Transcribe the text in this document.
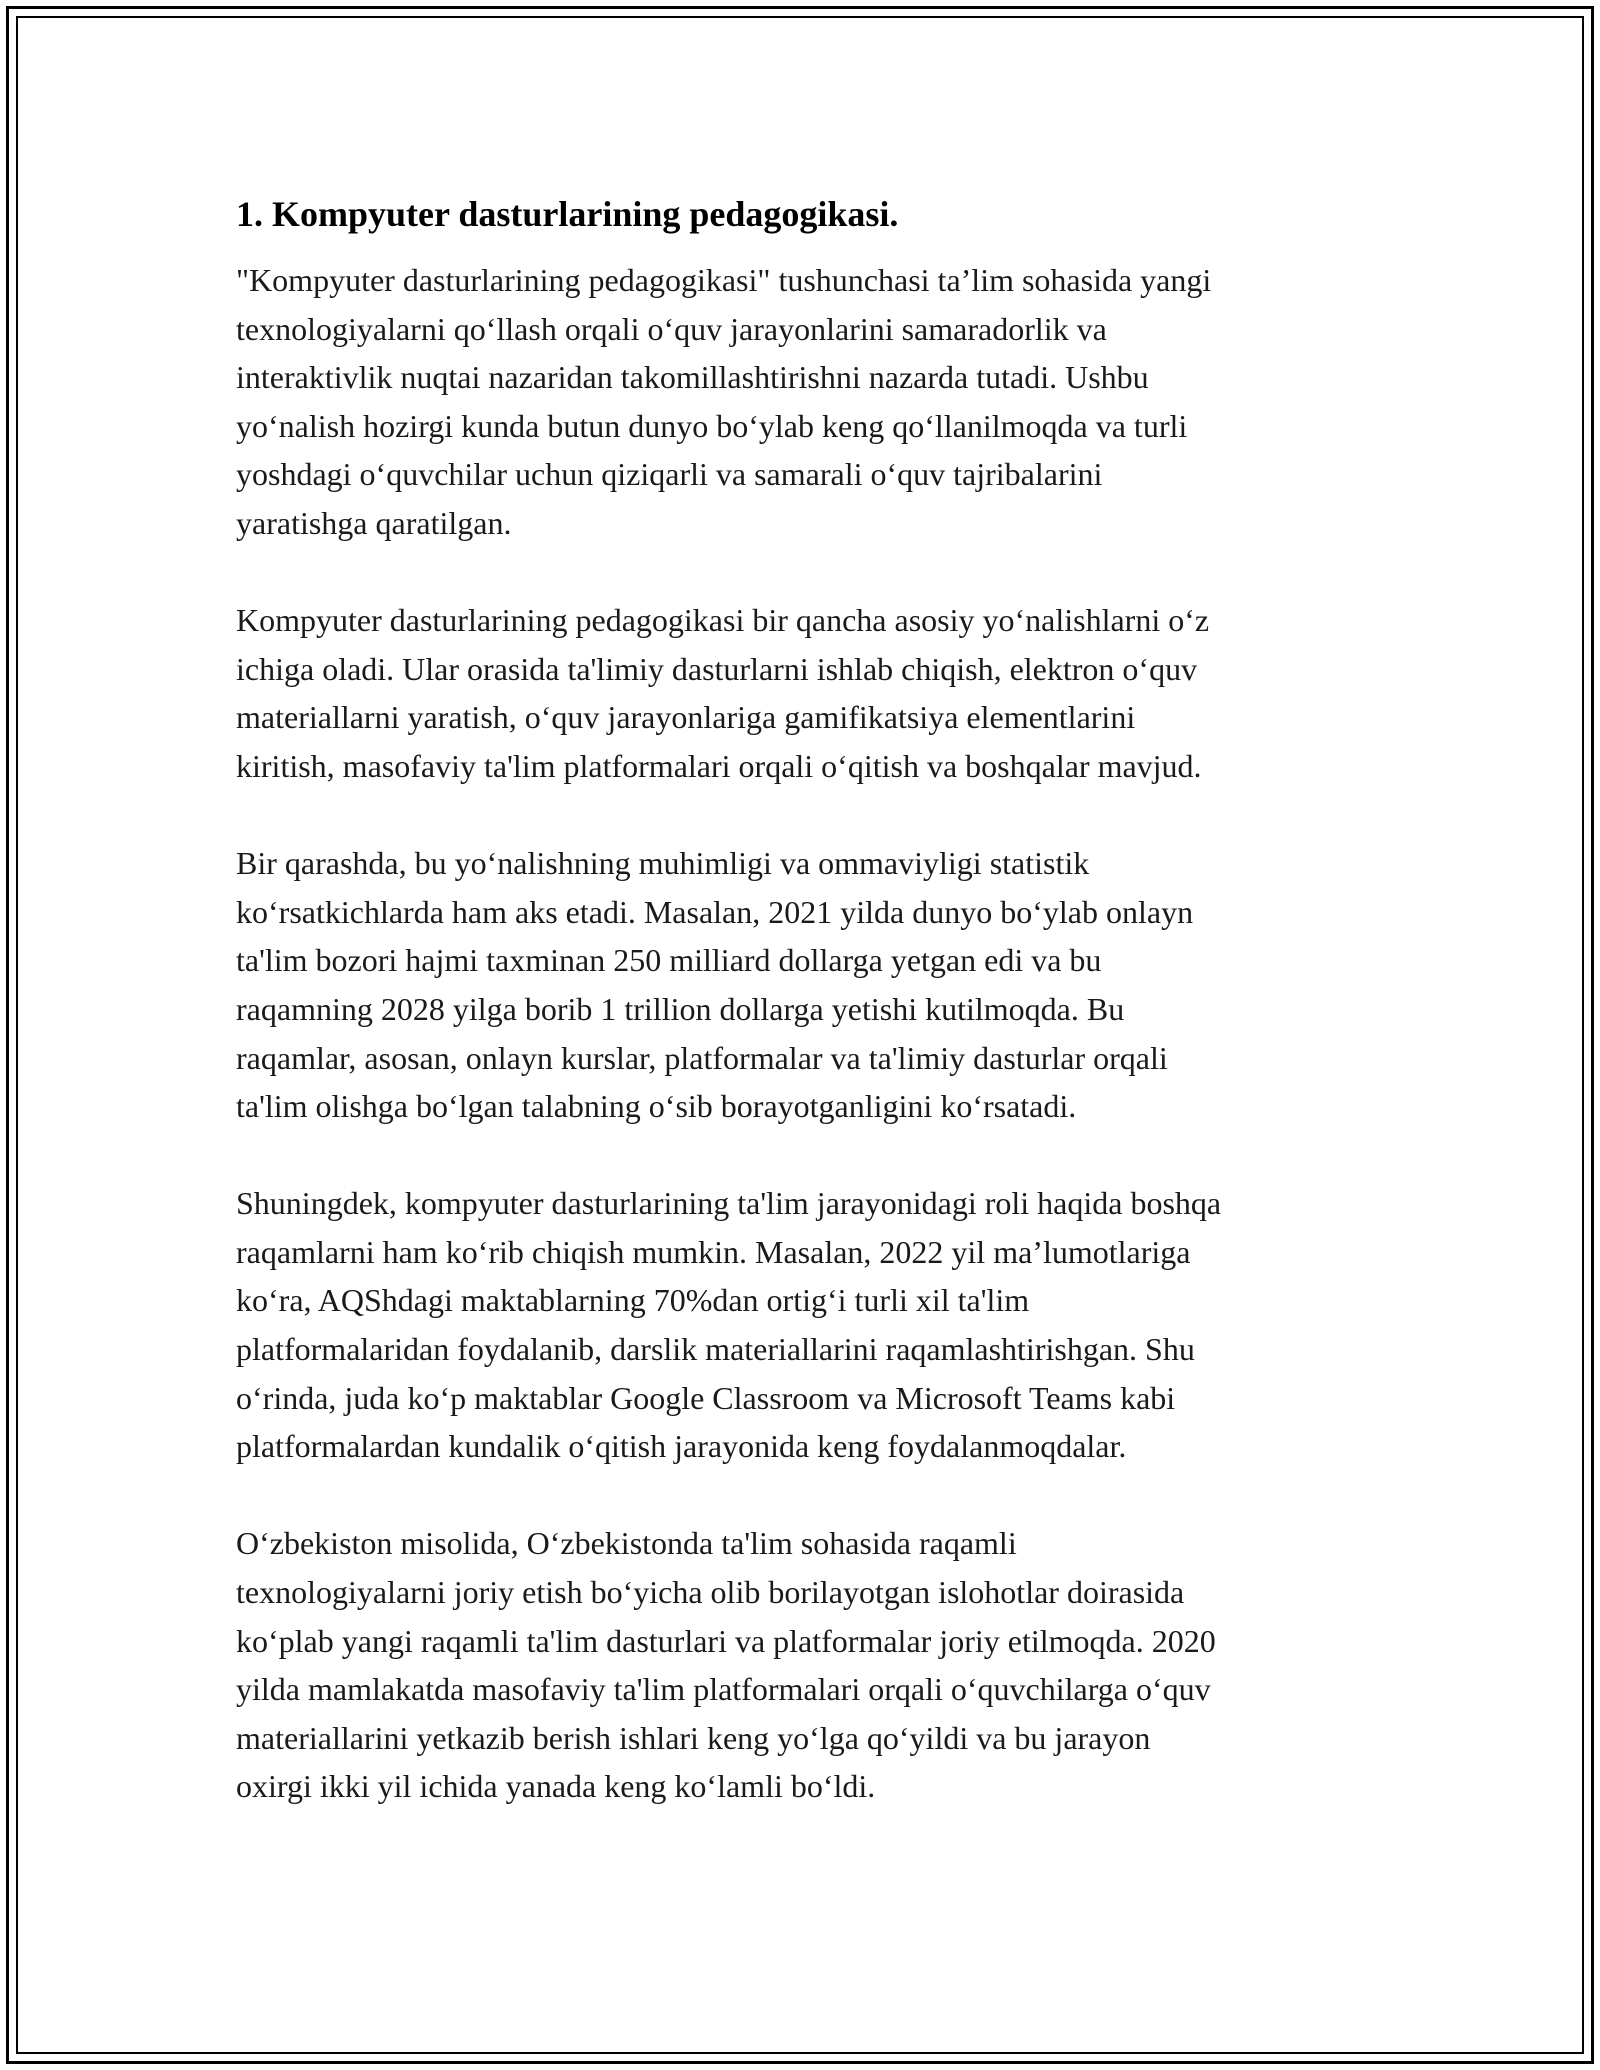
1. Kompyuter dasturlarining pedagogikasi.

"Kompyuter dasturlarining pedagogikasi" tushunchasi ta’lim sohasida yangi
texnologiyalarni qo‘llash orqali o‘quv jarayonlarini samaradorlik va
interaktivlik nuqtai nazaridan takomillashtirishni nazarda tutadi. Ushbu
yo‘nalish hozirgi kunda butun dunyo bo‘ylab keng qo‘llanilmoqda va turli
yoshdagi o‘quvchilar uchun qiziqarli va samarali o‘quv tajribalarini
yaratishga qaratilgan.

Kompyuter dasturlarining pedagogikasi bir qancha asosiy yo‘nalishlarni o‘z
ichiga oladi. Ular orasida ta'limiy dasturlarni ishlab chiqish, elektron o‘quv
materiallarni yaratish, o‘quv jarayonlariga gamifikatsiya elementlarini
kiritish, masofaviy ta'lim platformalari orqali o‘qitish va boshqalar mavjud.

Bir qarashda, bu yo‘nalishning muhimligi va ommaviyligi statistik
ko‘rsatkichlarda ham aks etadi. Masalan, 2021 yilda dunyo bo‘ylab onlayn
ta'lim bozori hajmi taxminan 250 milliard dollarga yetgan edi va bu
raqamning 2028 yilga borib 1 trillion dollarga yetishi kutilmoqda. Bu
raqamlar, asosan, onlayn kurslar, platformalar va ta'limiy dasturlar orqali
ta'lim olishga bo‘lgan talabning o‘sib borayotganligini ko‘rsatadi.

Shuningdek, kompyuter dasturlarining ta'lim jarayonidagi roli haqida boshqa
raqamlarni ham ko‘rib chiqish mumkin. Masalan, 2022 yil ma’lumotlariga
ko‘ra, AQShdagi maktablarning 70%dan ortig‘i turli xil ta'lim
platformalaridan foydalanib, darslik materiallarini raqamlashtirishgan. Shu
o‘rinda, juda ko‘p maktablar Google Classroom va Microsoft Teams kabi
platformalardan kundalik o‘qitish jarayonida keng foydalanmoqdalar.

O‘zbekiston misolida, O‘zbekistonda ta'lim sohasida raqamli
texnologiyalarni joriy etish bo‘yicha olib borilayotgan islohotlar doirasida
ko‘plab yangi raqamli ta'lim dasturlari va platformalar joriy etilmoqda. 2020
yilda mamlakatda masofaviy ta'lim platformalari orqali o‘quvchilarga o‘quv
materiallarini yetkazib berish ishlari keng yo‘lga qo‘yildi va bu jarayon
oxirgi ikki yil ichida yanada keng ko‘lamli bo‘ldi.
